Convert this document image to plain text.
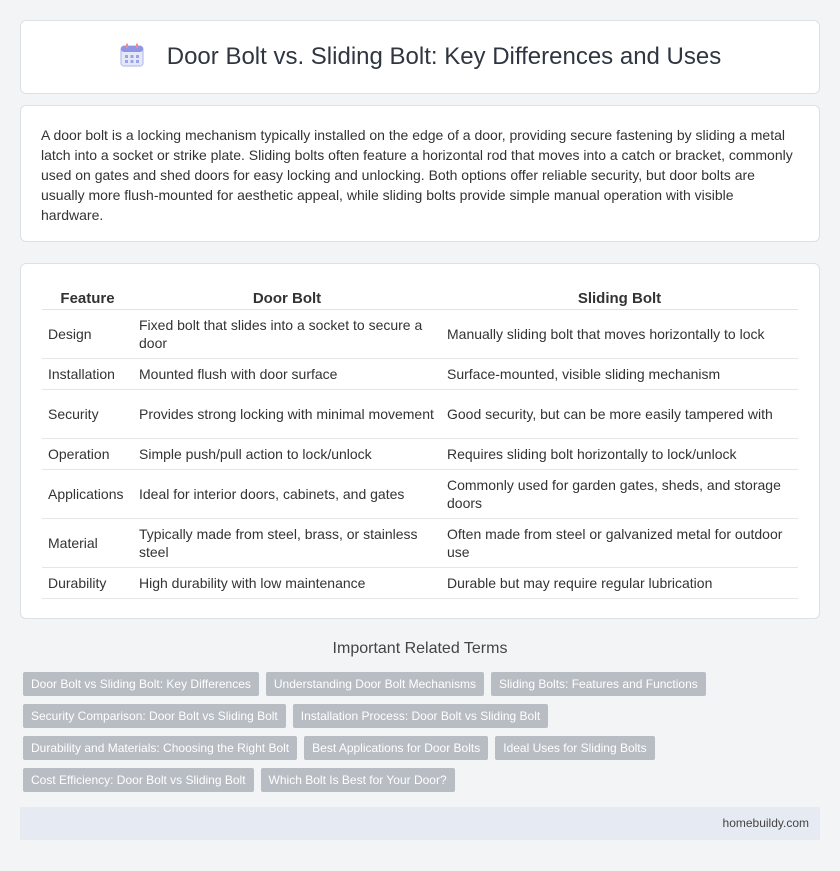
Door Bolt vs. Sliding Bolt: Key Differences and Uses

A door bolt is a locking mechanism typically installed on the edge of a door, providing secure fastening by sliding a metal latch into a socket or strike plate. Sliding bolts often feature a horizontal rod that moves into a catch or bracket, commonly used on gates and shed doors for easy locking and unlocking. Both options offer reliable security, but door bolts are usually more flush-mounted for aesthetic appeal, while sliding bolts provide simple manual operation with visible hardware.

Feature	Door Bolt	Sliding Bolt
Design	Fixed bolt that slides into a socket to secure a door	Manually sliding bolt that moves horizontally to lock
Installation	Mounted flush with door surface	Surface-mounted, visible sliding mechanism
Security	Provides strong locking with minimal movement	Good security, but can be more easily tampered with
Operation	Simple push/pull action to lock/unlock	Requires sliding bolt horizontally to lock/unlock
Applications	Ideal for interior doors, cabinets, and gates	Commonly used for garden gates, sheds, and storage doors
Material	Typically made from steel, brass, or stainless steel	Often made from steel or galvanized metal for outdoor use
Durability	High durability with low maintenance	Durable but may require regular lubrication
Important Related Terms
Door Bolt vs Sliding Bolt: Key Differences	Understanding Door Bolt Mechanisms	Sliding Bolts: Features and Functions
Security Comparison: Door Bolt vs Sliding Bolt	Installation Process: Door Bolt vs Sliding Bolt
Durability and Materials: Choosing the Right Bolt	Best Applications for Door Bolts	Ideal Uses for Sliding Bolts
Cost Efficiency: Door Bolt vs Sliding Bolt	Which Bolt Is Best for Your Door?
homebuildy.com
